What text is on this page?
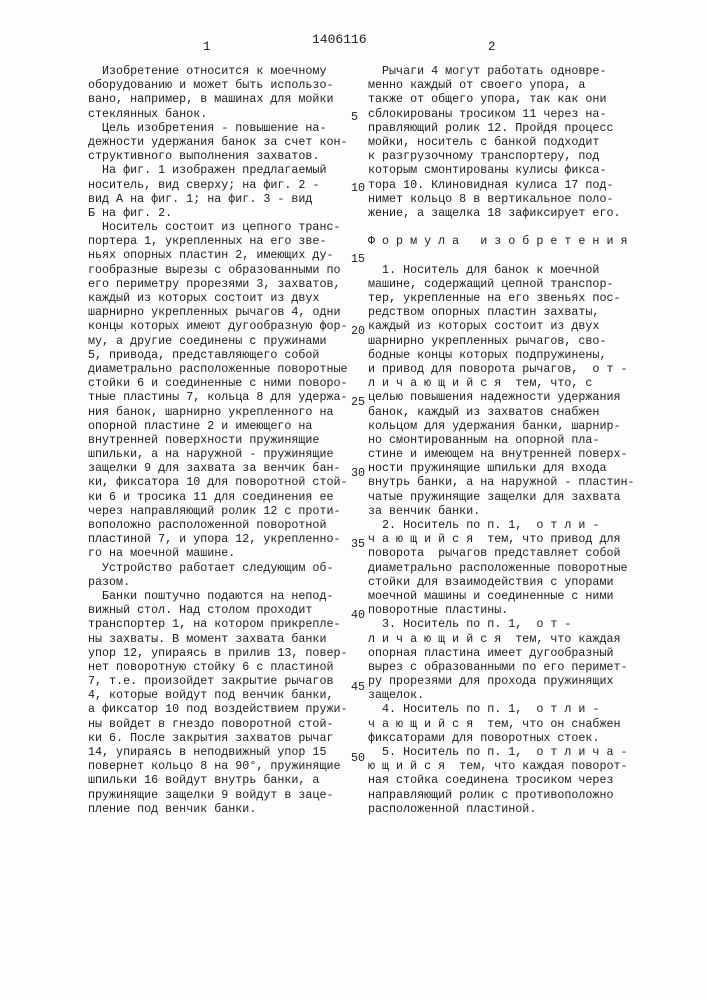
1406116
1	2
Изобретение относится к моечному
оборудованию и может быть использо-
вано, например, в машинах для мойки
стеклянных банок.
Цель изобретения - повышение на-
дежности удержания банок за счет кон-
структивного выполнения захватов.
На фиг. 1 изображен предлагаемый
носитель, вид сверху; на фиг. 2 -
вид А на фиг. 1; на фиг. 3 - вид
Б на фиг. 2.
Носитель состоит из цепного транс-
портера 1, укрепленных на его зве-
ньях опорных пластин 2, имеющих ду-
гообразные вырезы с образованными по
его периметру прорезями 3, захватов,
каждый из которых состоит из двух
шарнирно укрепленных рычагов 4, одни
концы которых имеют дугообразную фор-
му, а другие соединены с пружинами
5, привода, представляющего собой
диаметрально расположенные поворотные
стойки 6 и соединенные с ними поворо-
тные пластины 7, кольца 8 для удержа-
ния банок, шарнирно укрепленного на
опорной пластине 2 и имеющего на
внутренней поверхности пружинящие
шпильки, а на наружной - пружинящие
защелки 9 для захвата за венчик бан-
ки, фиксатора 10 для поворотной стой-
ки 6 и тросика 11 для соединения ее
через направляющий ролик 12 с проти-
воположно расположенной поворотной
пластиной 7, и упора 12, укрепленно-
го на моечной машине.
Устройство работает следующим об-
разом.
Банки поштучно подаются на непод-
вижный стол. Над столом проходит
транспортер 1, на котором прикрепле-
ны захваты. В момент захвата банки
упор 12, упираясь в прилив 13, повер-
нет поворотную стойку 6 с пластиной
7, т.е. произойдет закрытие рычагов
4, которые войдут под венчик банки,
а фиксатор 10 под воздействием пружи-
ны войдет в гнездо поворотной стой-
ки 6. После закрытия захватов рычаг
14, упираясь в неподвижный упор 15
повернет кольцо 8 на 90°, пружинящие
шпильки 16 войдут внутрь банки, а
пружинящие защелки 9 войдут в заце-
пление под венчик банки.
Рычаги 4 могут работать одновре-
менно каждый от своего упора, а
также от общего упора, так как они
сблокированы тросиком 11 через на-
правляющий ролик 12. Пройдя процесс
мойки, носитель с банкой подходит
к разгрузочному транспортеру, под
которым смонтированы кулисы фикса-
тора 10. Клиновидная кулиса 17 под-
нимет кольцо 8 в вертикальное поло-
жение, а защелка 18 зафиксирует его.
Ф о р м у л а   и з о б р е т е н и я
1. Носитель для банок к моечной
машине, содержащий цепной транспор-
тер, укрепленные на его звеньях пос-
редством опорных пластин захваты,
каждый из которых состоит из двух
шарнирно укрепленных рычагов, сво-
бодные концы которых подпружинены,
и привод для поворота рычагов,  о т -
л и ч а ю щ и й с я  тем, что, с
целью повышения надежности удержания
банок, каждый из захватов снабжен
кольцом для удержания банки, шарнир-
но смонтированным на опорной пла-
стине и имеющем на внутренней поверх-
ности пружинящие шпильки для входа
внутрь банки, а на наружной - пластин-
чатые пружинящие защелки для захвата
за венчик банки.
2. Носитель по п. 1,  о т л и -
ч а ю щ и й с я  тем, что привод для
поворота  рычагов представляет собой
диаметрально расположенные поворотные
стойки для взаимодействия с упорами
моечной машины и соединенные с ними
поворотные пластины.
3. Носитель по п. 1,  о т -
л и ч а ю щ и й с я  тем, что каждая
опорная пластина имеет дугообразный
вырез с образованными по его перимет-
ру прорезями для прохода пружинящих
защелок.
4. Носитель по п. 1,  о т л и -
ч а ю щ и й с я  тем, что он снабжен
фиксаторами для поворотных стоек.
5. Носитель по п. 1,  о т л и ч а -
ю щ и й с я  тем, что каждая поворот-
ная стойка соединена тросиком через
направляющий ролик с противоположно
расположенной пластиной.
5
10
15
20
25
30
35
40
45
50
